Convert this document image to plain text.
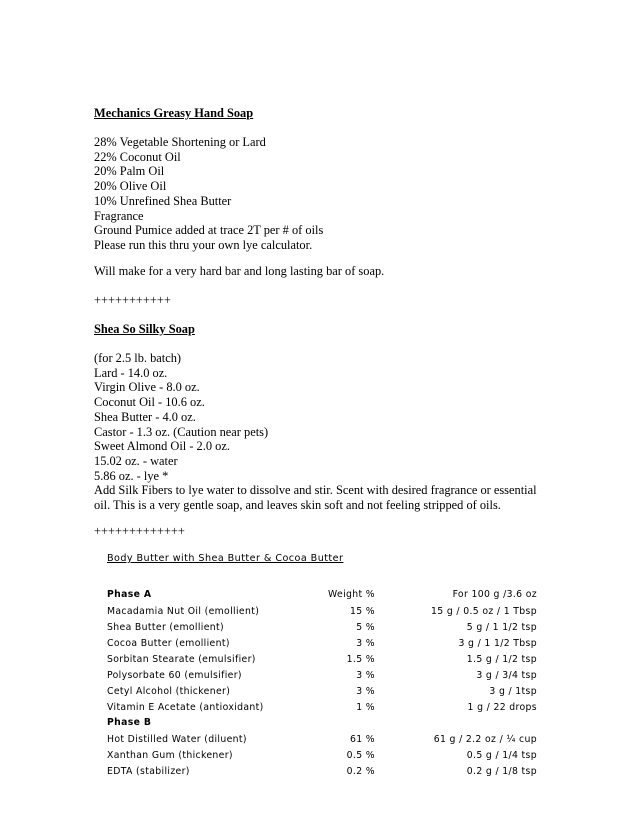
Mechanics Greasy Hand Soap
28% Vegetable Shortening or Lard
22% Coconut Oil
20% Palm Oil
20% Olive Oil
10% Unrefined Shea Butter
Fragrance
Ground Pumice added at trace 2T per # of oils
Please run this thru your own lye calculator.
Will make for a very hard bar and long lasting bar of soap.
+++++++++++
Shea So Silky Soap
(for 2.5 lb. batch)
Lard - 14.0 oz.
Virgin Olive - 8.0 oz.
Coconut Oil - 10.6 oz.
Shea Butter - 4.0 oz.
Castor - 1.3 oz. (Caution near pets)
Sweet Almond Oil - 2.0 oz.
15.02 oz. - water
5.86 oz. - lye *
Add Silk Fibers to lye water to dissolve and stir. Scent with desired fragrance or essential
oil. This is a very gentle soap, and leaves skin soft and not feeling stripped of oils.
+++++++++++++
Body Butter with Shea Butter & Cocoa Butter
Phase A	Weight %	For 100 g /3.6 oz
Macadamia Nut Oil (emollient)	15 %	15 g / 0.5 oz / 1 Tbsp
Shea Butter (emollient)	5 %	5 g / 1 1/2 tsp
Cocoa Butter (emollient)	3 %	3 g / 1 1/2 Tbsp
Sorbitan Stearate (emulsifier)	1.5 %	1.5 g / 1/2 tsp
Polysorbate 60 (emulsifier)	3 %	3 g / 3/4 tsp
Cetyl Alcohol (thickener)	3 %	3 g / 1tsp
Vitamin E Acetate (antioxidant)	1 %	1 g / 22 drops
Phase B
Hot Distilled Water (diluent)	61 %	61 g / 2.2 oz / ¼ cup
Xanthan Gum (thickener)	0.5 %	0.5 g / 1/4 tsp
EDTA (stabilizer)	0.2 %	0.2 g / 1/8 tsp
